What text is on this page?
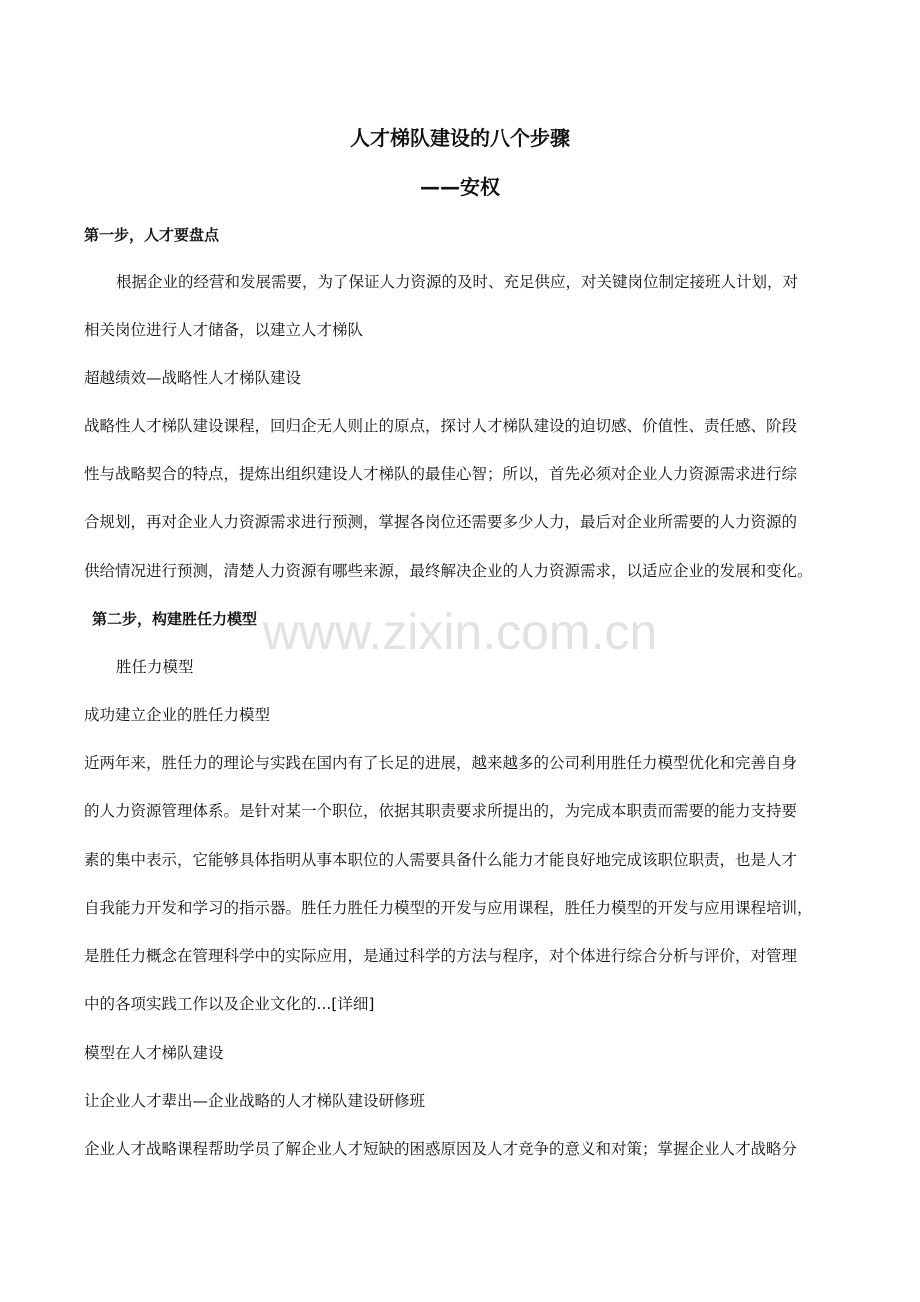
人才梯队建设的八个步骤
——安权

第一步，人才要盘点

根据企业的经营和发展需要，为了保证人力资源的及时、充足供应，对关键岗位制定接班人计划，对

相关岗位进行人才储备，以建立人才梯队

超越绩效—战略性人才梯队建设

战略性人才梯队建设课程，回归企无人则止的原点，探讨人才梯队建设的迫切感、价值性、责任感、阶段

性与战略契合的特点，提炼出组织建设人才梯队的最佳心智；所以，首先必须对企业人力资源需求进行综

合规划，再对企业人力资源需求进行预测，掌握各岗位还需要多少人力，最后对企业所需要的人力资源的

供给情况进行预测，清楚人力资源有哪些来源，最终解决企业的人力资源需求，以适应企业的发展和变化。

第二步，构建胜任力模型

胜任力模型

成功建立企业的胜任力模型

近两年来，胜任力的理论与实践在国内有了长足的进展，越来越多的公司利用胜任力模型优化和完善自身

的人力资源管理体系。是针对某一个职位，依据其职责要求所提出的，为完成本职责而需要的能力支持要

素的集中表示，它能够具体指明从事本职位的人需要具备什么能力才能良好地完成该职位职责，也是人才

自我能力开发和学习的指示器。胜任力胜任力模型的开发与应用课程，胜任力模型的开发与应用课程培训，

是胜任力概念在管理科学中的实际应用，是通过科学的方法与程序，对个体进行综合分析与评价，对管理

中的各项实践工作以及企业文化的...[详细]

模型在人才梯队建设

让企业人才辈出—企业战略的人才梯队建设研修班

企业人才战略课程帮助学员了解企业人才短缺的困惑原因及人才竞争的意义和对策；掌握企业人才战略分

www.zixin.com.cn
